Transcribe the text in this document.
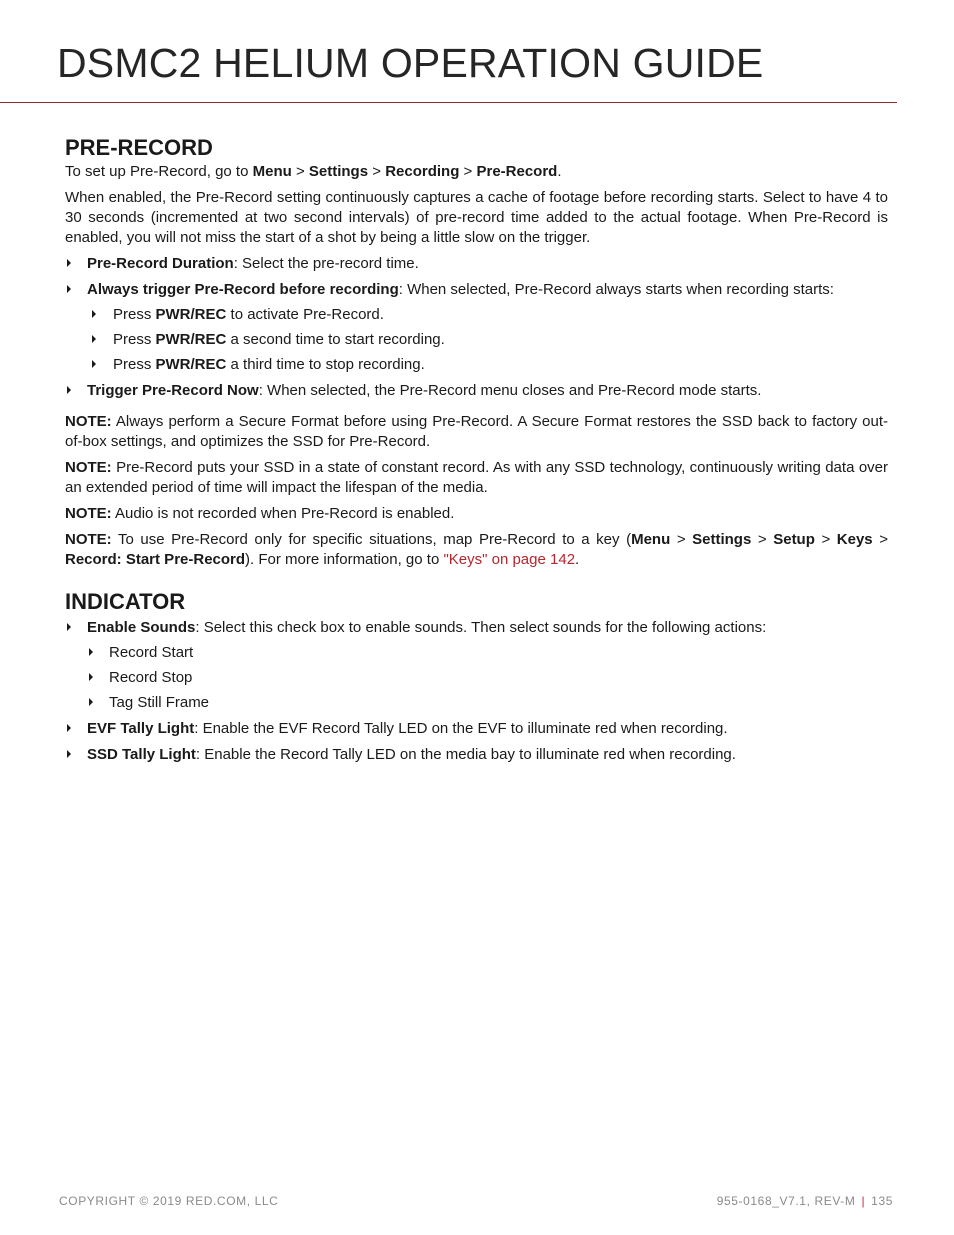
DSMC2 HELIUM OPERATION GUIDE
PRE-RECORD

To set up Pre-Record, go to Menu > Settings > Recording > Pre-Record.

When enabled, the Pre-Record setting continuously captures a cache of footage before recording starts. Select to have 4 to 30 seconds (incremented at two second intervals) of pre-record time added to the actual footage. When Pre-Record is enabled, you will not miss the start of a shot by being a little slow on the trigger.

Pre-Record Duration: Select the pre-record time.
Always trigger Pre-Record before recording: When selected, Pre-Record always starts when recording starts:
Press PWR/REC to activate Pre-Record.
Press PWR/REC a second time to start recording.
Press PWR/REC a third time to stop recording.
Trigger Pre-Record Now: When selected, the Pre-Record menu closes and Pre-Record mode starts.

NOTE: Always perform a Secure Format before using Pre-Record. A Secure Format restores the SSD back to factory out-of-box settings, and optimizes the SSD for Pre-Record.

NOTE: Pre-Record puts your SSD in a state of constant record. As with any SSD technology, continuously writing data over an extended period of time will impact the lifespan of the media.

NOTE: Audio is not recorded when Pre-Record is enabled.

NOTE: To use Pre-Record only for specific situations, map Pre-Record to a key (Menu > Settings > Setup > Keys > Record: Start Pre-Record). For more information, go to "Keys" on page 142.

INDICATOR
Enable Sounds: Select this check box to enable sounds. Then select sounds for the following actions:
Record Start
Record Stop
Tag Still Frame
EVF Tally Light: Enable the EVF Record Tally LED on the EVF to illuminate red when recording.
SSD Tally Light: Enable the Record Tally LED on the media bay to illuminate red when recording.
COPYRIGHT © 2019 RED.COM, LLC	955-0168_V7.1, REV-M | 135
